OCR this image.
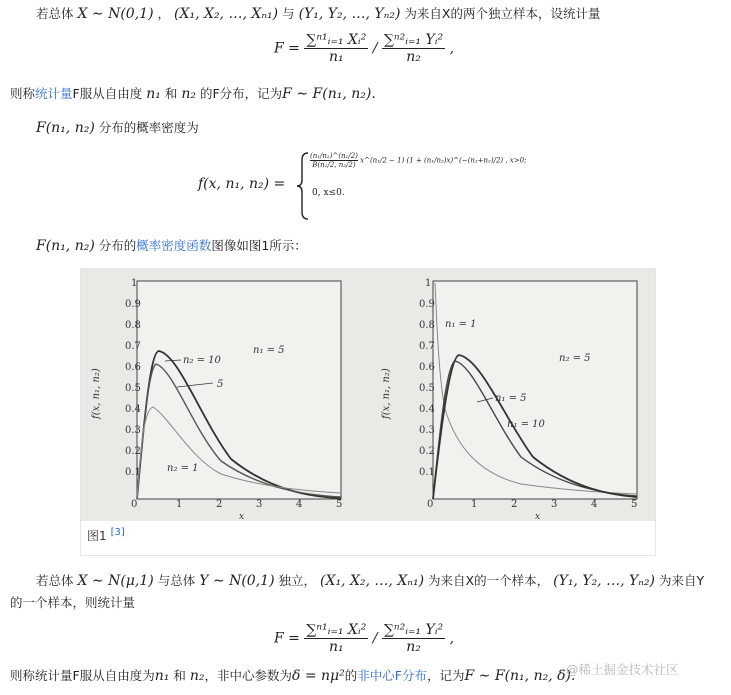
若总体 X ∼ N(0,1) ， (X₁, X₂, …, Xₙ₁) 与 (Y₁, Y₂, …, Yₙ₂) 为来自X的两个独立样本，设统计量
$F = \frac{\text{∑ⁿ¹ᵢ₌₁ Xᵢ²}}{\text{n₁}} / \frac{\text{∑ⁿ²ᵢ₌₁ Yᵢ²}}{\text{n₂}}$ ,
则称统计量F服从自由度 n₁ 和 n₂ 的F分布，记为F ∼ F(n₁, n₂).
F(n₁, n₂) 分布的概率密度为
f(x, n₁, n₂) =
$\frac{\text{(n₁/n₂)\textasciicircum{}(n₁/2)}}{\text{B(n₁/2, n₂/2)}}$ x^(n₁/2 − 1) (1 + (n₁/n₂)x)^(−(n₁+n₂)/2) , x>0;
0, x≤0.
F(n₁, n₂) 分布的概率密度函数图像如图1所示：
0.1
0.2
0.3
0.4
0.5
0.6
0.7
0.8
0.9
1
0	1	2	3	4	5
x
f(x, n₁, n₂)
n₂ = 10
5
n₂ = 1
n₁ = 5
0.1
0.2
0.3
0.4
0.5
0.6
0.7
0.8
0.9
1
0	1	2	3	4	5
x
f(x, n₁, n₂)
n₁ = 1
n₁ = 5
n₁ = 10
n₂ = 5
图1 [3]
若总体 X ∼ N(μ,1) 与总体 Y ∼ N(0,1) 独立， (X₁, X₂, …, Xₙ₁) 为来自X的一个样本， (Y₁, Y₂, …, Yₙ₂) 为来自Y
的一个样本，则统计量
$F = \frac{\text{∑ⁿ¹ᵢ₌₁ Xᵢ²}}{\text{n₁}} / \frac{\text{∑ⁿ²ᵢ₌₁ Yᵢ²}}{\text{n₂}}$ ,
则称统计量F服从自由度为n₁ 和 n₂，非中心参数为δ = nμ²的非中心F分布，记为F ∼ F(n₁, n₂, δ).
@稀土掘金技术社区
